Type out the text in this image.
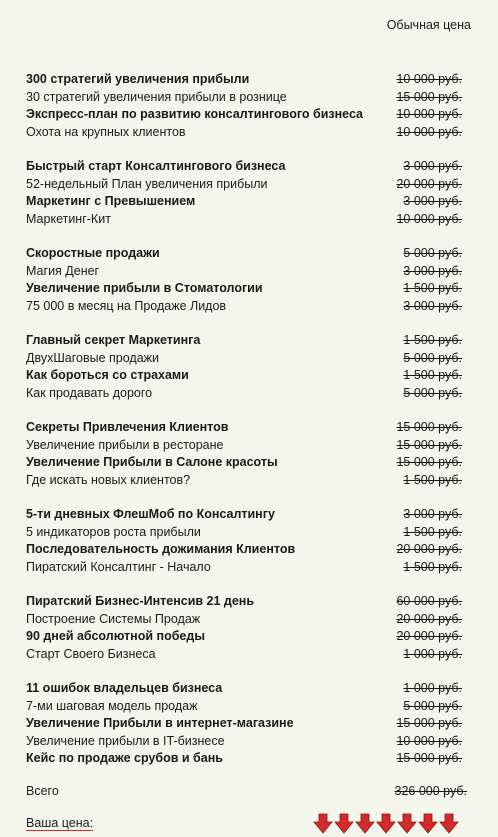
Обычная цена
300 стратегий увеличения прибыли	10 000 руб.
30 стратегий увеличения прибыли в рознице	15 000 руб.
Экспресс-план по развитию консалтингового бизнеса	10 000 руб.
Охота на крупных клиентов	10 000 руб.
Быстрый старт Консалтингового бизнеса	3 000 руб.
52-недельный План увеличения прибыли	20 000 руб.
Маркетинг с Превышением	3 000 руб.
Маркетинг-Кит	10 000 руб.
Скоростные продажи	5 000 руб.
Магия Денег	3 000 руб.
Увеличение прибыли в Стоматологии	1 500 руб.
75 000 в месяц на Продаже Лидов	3 000 руб.
Главный секрет Маркетинга	1 500 руб.
ДвухШаговые продажи	5 000 руб.
Как бороться со страхами	1 500 руб.
Как продавать дорого	5 000 руб.
Секреты Привлечения Клиентов	15 000 руб.
Увеличение прибыли в ресторане	15 000 руб.
Увеличение Прибыли в Салоне красоты	15 000 руб.
Где искать новых клиентов?	1 500 руб.
5-ти дневных ФлешМоб по Консалтингу	3 000 руб.
5 индикаторов роста прибыли	1 500 руб.
Последовательность дожимания Клиентов	20 000 руб.
Пиратский Консалтинг - Начало	1 500 руб.
Пиратский Бизнес-Интенсив 21 день	60 000 руб.
Построение Системы Продаж	20 000 руб.
90 дней абсолютной победы	20 000 руб.
Старт Своего Бизнеса	1 000 руб.
11 ошибок владельцев бизнеса	1 000 руб.
7-ми шаговая модель продаж	5 000 руб.
Увеличение Прибыли в интернет-магазине	15 000 руб.
Увеличение прибыли в IT-бизнесе	10 000 руб.
Кейс по продаже срубов и бань	15 000 руб.
Всего	326 000 руб.
Ваша цена:
